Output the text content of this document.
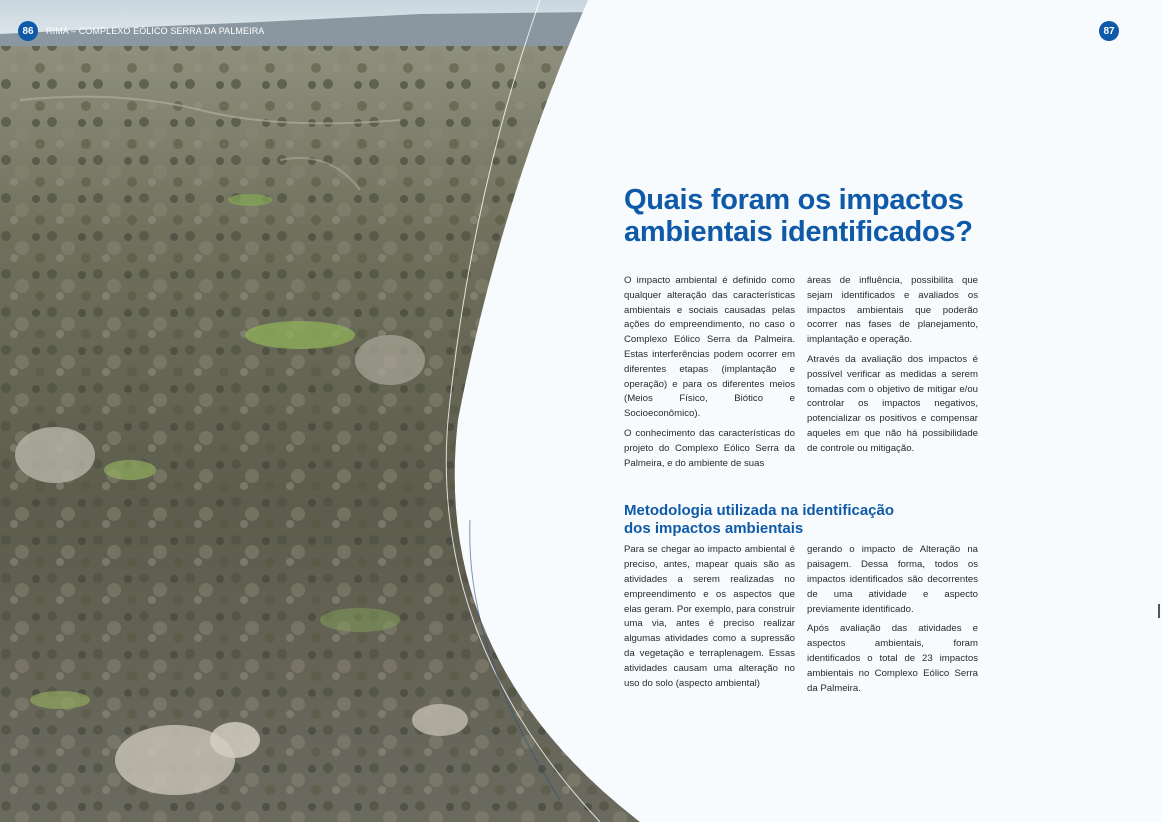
86	RIMA – COMPLEXO EÓLICO SERRA DA PALMEIRA	87
Quais foram os impactos ambientais identificados?

O impacto ambiental é definido como qualquer alteração das características ambientais e sociais causadas pelas ações do empreendimento, no caso o Complexo Eólico Serra da Palmeira. Estas interferências podem ocorrer em diferentes etapas (implantação e operação) e para os diferentes meios (Meios Físico, Biótico e Socioeconômico).

O conhecimento das características do projeto do Complexo Eólico Serra da Palmeira, e do ambiente de suas

áreas de influência, possibilita que sejam identificados e avaliados os impactos ambientais que poderão ocorrer nas fases de planejamento, implantação e operação.

Através da avaliação dos impactos é possível verificar as medidas a serem tomadas com o objetivo de mitigar e/ou controlar os impactos negativos, potencializar os positivos e compensar aqueles em que não há possibilidade de controle ou mitigação.

Metodologia utilizada na identificação
dos impactos ambientais

Para se chegar ao impacto ambiental é preciso, antes, mapear quais são as atividades a serem realizadas no empreendimento e os aspectos que elas geram. Por exemplo, para construir uma via, antes é preciso realizar algumas atividades como a supressão da vegetação e terraplenagem. Essas atividades causam uma alteração no uso do solo (aspecto ambiental)

gerando o impacto de Alteração na paisagem. Dessa forma, todos os impactos identificados são decorrentes de uma atividade e aspecto previamente identificado.

Após avaliação das atividades e aspectos ambientais, foram identificados o total de 23 impactos ambientais no Complexo Eólico Serra da Palmeira.
